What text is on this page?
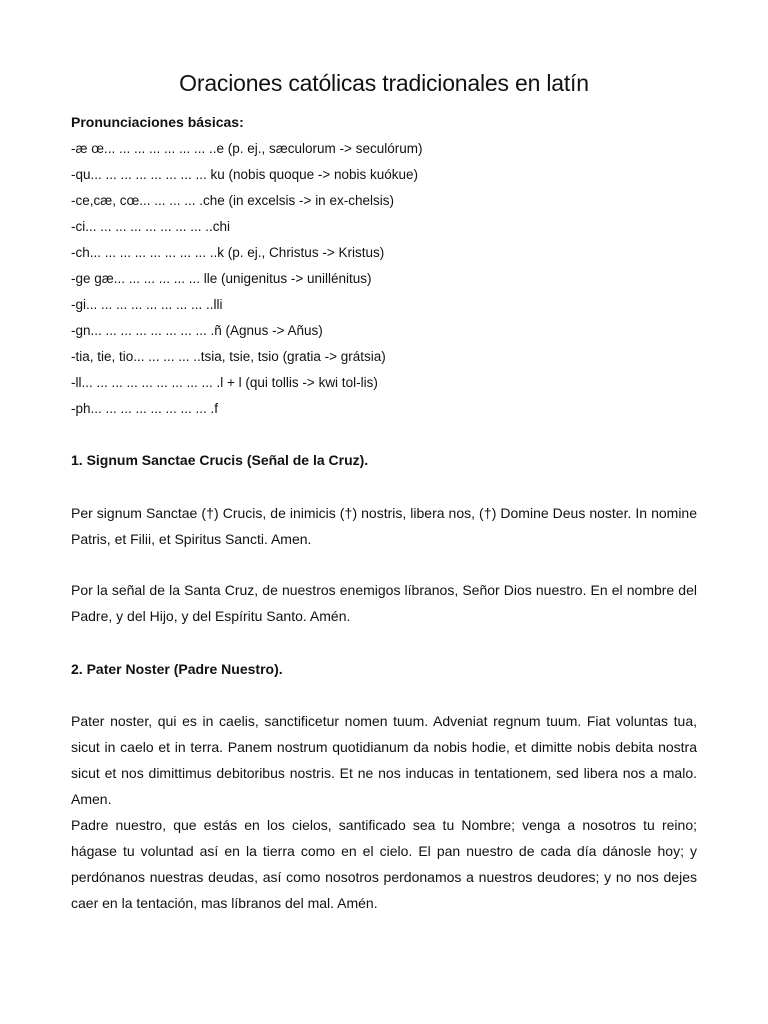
Oraciones católicas tradicionales en latín
Pronunciaciones básicas:
-æ œ... ... ... ... ... ... ... ..e (p. ej., sæculorum -> seculórum)
-qu... ... ... ... ... ... ... ... ku (nobis quoque -> nobis kuókue)
-ce,cæ, cœ... ... ... ... .che (in excelsis -> in ex-chelsis)
-ci... ... ... ... ... ... ... ... ..chi
-ch... ... ... ... ... ... ... ... ..k (p. ej., Christus -> Kristus)
-ge gæ... ... ... ... ... ... lle (unigenitus -> unillénitus)
-gi... ... ... ... ... ... ... ... ..lli
-gn... ... ... ... ... ... ... ... .ñ (Agnus -> Añus)
-tia, tie, tio... ... ... ... ..tsia, tsie, tsio (gratia -> grátsia)
-ll... ... ... ... ... ... ... ... ... .l + l (qui tollis -> kwi tol-lis)
-ph... ... ... ... ... ... ... ... .f
1. Signum Sanctae Crucis (Señal de la Cruz).
Per signum Sanctae (†) Crucis, de inimicis (†) nostris, libera nos, (†) Domine Deus noster. In nomine Patris, et Filii, et Spiritus Sancti. Amen.
Por la señal de la Santa Cruz, de nuestros enemigos líbranos, Señor Dios nuestro. En el nombre del Padre, y del Hijo, y del Espíritu Santo. Amén.
2. Pater Noster (Padre Nuestro).
Pater noster, qui es in caelis, sanctificetur nomen tuum. Adveniat regnum tuum. Fiat voluntas tua, sicut in caelo et in terra. Panem nostrum quotidianum da nobis hodie, et dimitte nobis debita nostra sicut et nos dimittimus debitoribus nostris. Et ne nos inducas in tentationem, sed libera nos a malo. Amen.
Padre nuestro, que estás en los cielos, santificado sea tu Nombre; venga a nosotros tu reino; hágase tu voluntad así en la tierra como en el cielo. El pan nuestro de cada día dánosle hoy; y perdónanos nuestras deudas, así como nosotros perdonamos a nuestros deudores; y no nos dejes caer en la tentación, mas líbranos del mal. Amén.
